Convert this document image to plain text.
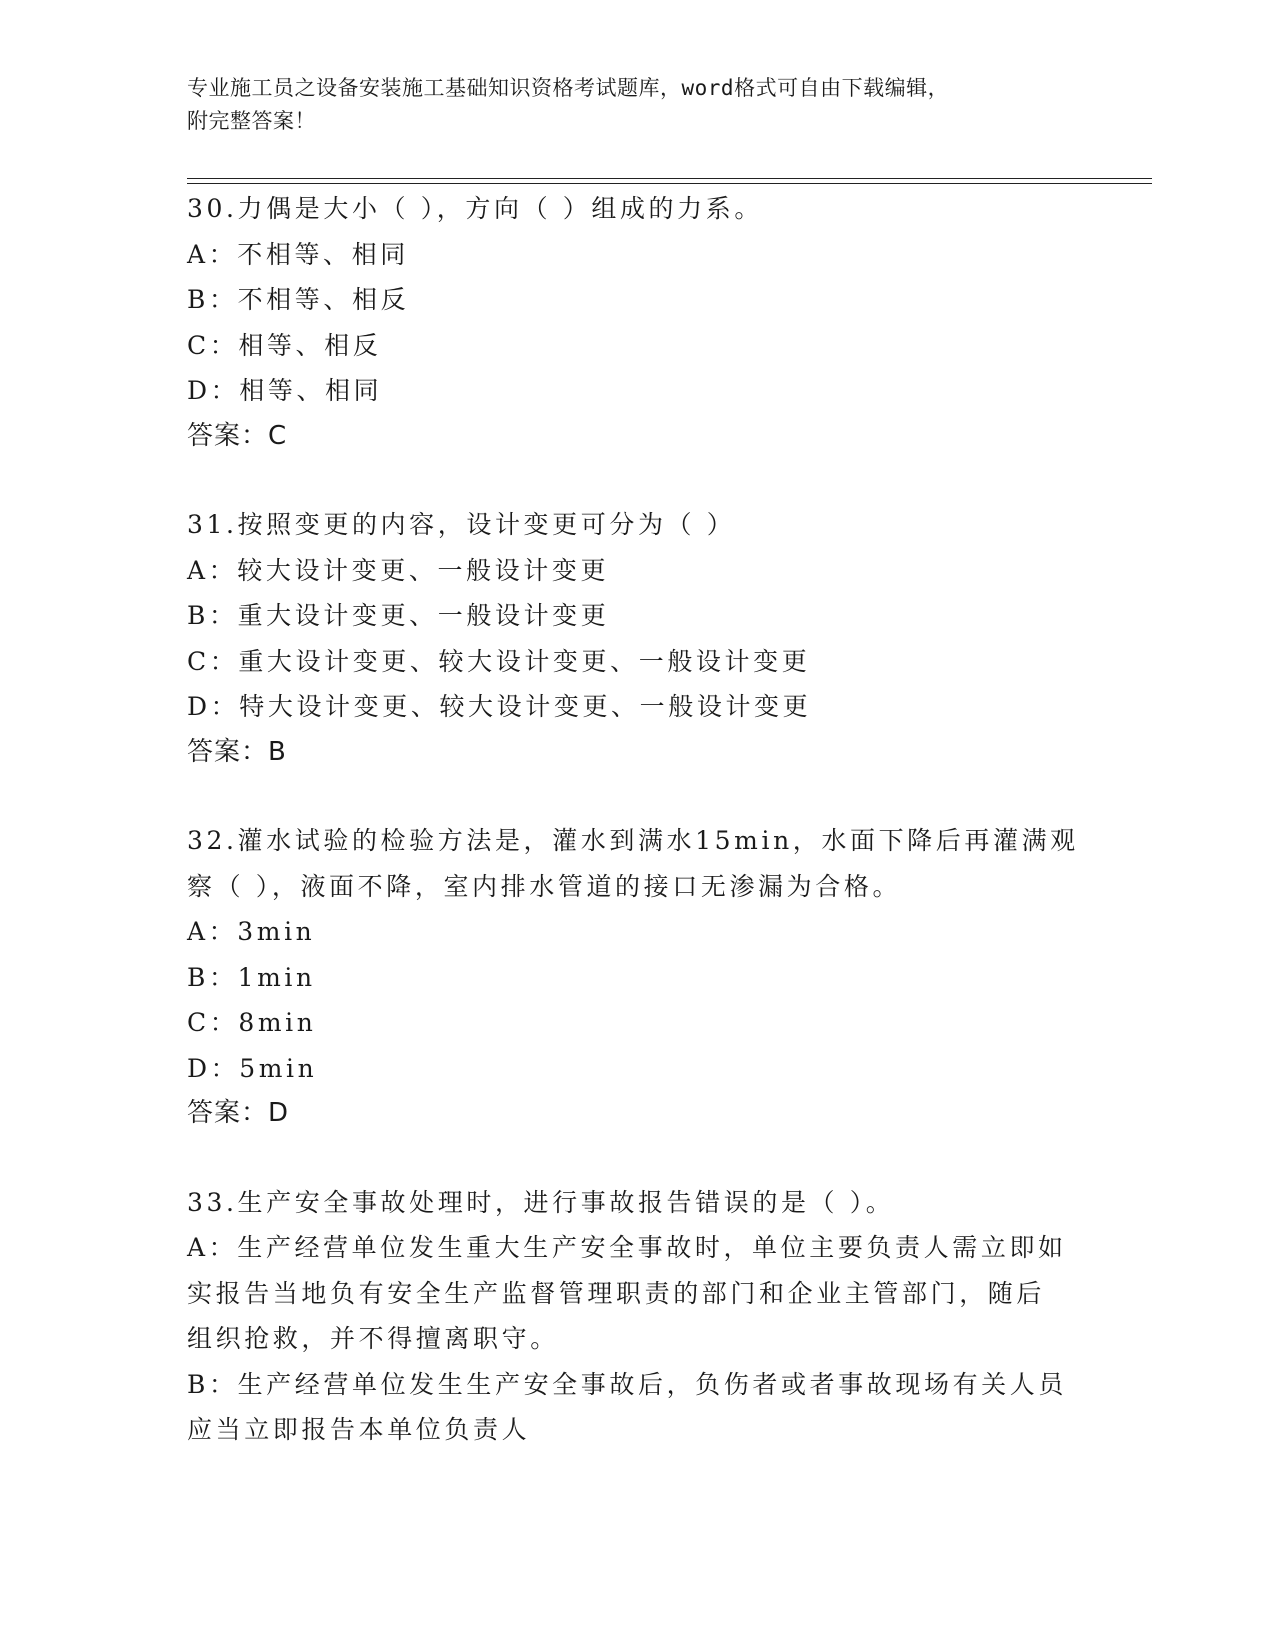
专业施工员之设备安装施工基础知识资格考试题库，word格式可自由下载编辑，
附完整答案！
30.力偶是大小（ ），方向（ ）组成的力系。
A：不相等、相同
B：不相等、相反
C：相等、相反
D：相等、相同
答案：C
31.按照变更的内容，设计变更可分为（ ）
A：较大设计变更、一般设计变更
B：重大设计变更、一般设计变更
C：重大设计变更、较大设计变更、一般设计变更
D：特大设计变更、较大设计变更、一般设计变更
答案：B
32.灌水试验的检验方法是，灌水到满水15min，水面下降后再灌满观
察（ ），液面不降，室内排水管道的接口无渗漏为合格。
A：3min
B：1min
C：8min
D：5min
答案：D
33.生产安全事故处理时，进行事故报告错误的是（ ）。
A：生产经营单位发生重大生产安全事故时，单位主要负责人需立即如
实报告当地负有安全生产监督管理职责的部门和企业主管部门，随后
组织抢救，并不得擅离职守。
B：生产经营单位发生生产安全事故后，负伤者或者事故现场有关人员
应当立即报告本单位负责人
